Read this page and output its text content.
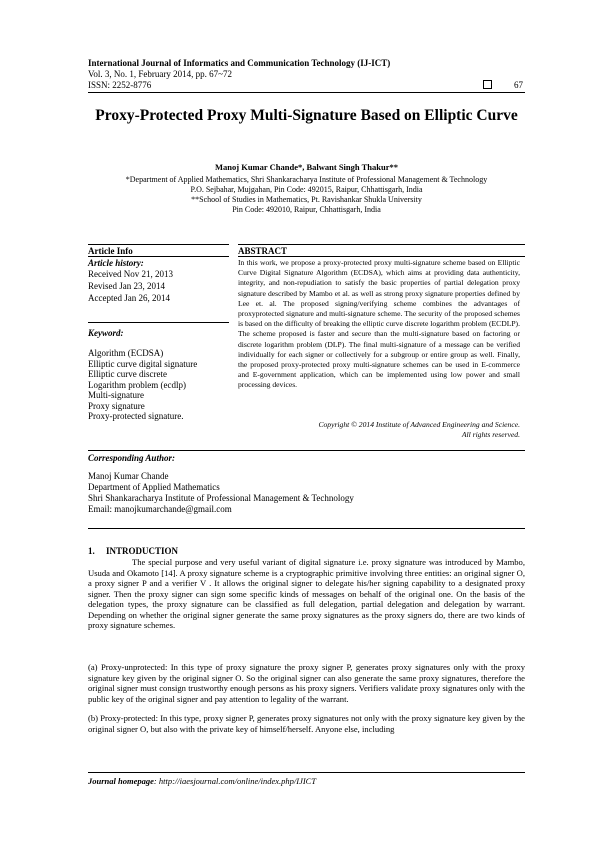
International Journal of Informatics and Communication Technology (IJ-ICT)
Vol. 3, No. 1, February 2014, pp. 67~72
ISSN: 2252-8776	67
Proxy-Protected Proxy Multi-Signature Based on Elliptic Curve
Manoj Kumar Chande*, Balwant Singh Thakur**
*Department of Applied Mathematics, Shri Shankaracharya Institute of Professional Management & Technology
P.O. Sejbahar, Mujgahan, Pin Code: 492015, Raipur, Chhattisgarh, India
**School of Studies in Mathematics, Pt. Ravishankar Shukla University
Pin Code: 492010, Raipur, Chhattisgarh, India
Article Info	ABSTRACT
Article history:
Received Nov 21, 2013
Revised Jan 23, 2014
Accepted Jan 26, 2014
Keyword:
Algorithm (ECDSA)
Elliptic curve digital signature
Elliptic curve discrete
Logarithm problem (ecdlp)
Multi-signature
Proxy signature
Proxy-protected signature.
In this work, we propose a proxy-protected proxy multi-signature scheme based on Elliptic Curve Digital Signature Algorithm (ECDSA), which aims at providing data authenticity, integrity, and non-repudiation to satisfy the basic properties of partial delegation proxy signature described by Mambo et al. as well as strong proxy signature properties defined by Lee et. al. The proposed signing/verifying scheme combines the advantages of proxyprotected signature and multi-signature scheme. The security of the proposed schemes is based on the difficulty of breaking the elliptic curve discrete logarithm problem (ECDLP). The scheme proposed is faster and secure than the multi-signature based on factoring or discrete logarithm problem (DLP). The final multi-signature of a message can be verified individually for each signer or collectively for a subgroup or entire group as well. Finally, the proposed proxy-protected proxy multi-signature schemes can be used in E-commerce and E-government application, which can be implemented using low power and small processing devices.
Copyright © 2014 Institute of Advanced Engineering and Science.
All rights reserved.
Corresponding Author:
Manoj Kumar Chande
Department of Applied Mathematics
Shri Shankaracharya Institute of Professional Management & Technology
Email: manojkumarchande@gmail.com
1.     INTRODUCTION
The special purpose and very useful variant of digital signature i.e. proxy signature was introduced by Mambo, Usuda and Okamoto [14]. A proxy signature scheme is a cryptographic primitive involving three entities: an original signer O, a proxy signer P and a verifier V . It allows the original signer to delegate his/her signing capability to a designated proxy signer. Then the proxy signer can sign some specific kinds of messages on behalf of the original one. On the basis of the delegation types, the proxy signature can be classified as full delegation, partial delegation and delegation by warrant. Depending on whether the original signer generate the same proxy signatures as the proxy signers do, there are two kinds of proxy signature schemes.
(a) Proxy-unprotected: In this type of proxy signature the proxy signer P, generates proxy signatures only with the proxy signature key given by the original signer O. So the original signer can also generate the same proxy signatures, therefore the original signer must consign trustworthy enough persons as his proxy signers. Verifiers validate proxy signatures only with the public key of the original signer and pay attention to legality of the warrant.
(b) Proxy-protected: In this type, proxy signer P, generates proxy signatures not only with the proxy signature key given by the original signer O, but also with the private key of himself/herself. Anyone else, including
Journal homepage: http://iaesjournal.com/online/index.php/IJICT
